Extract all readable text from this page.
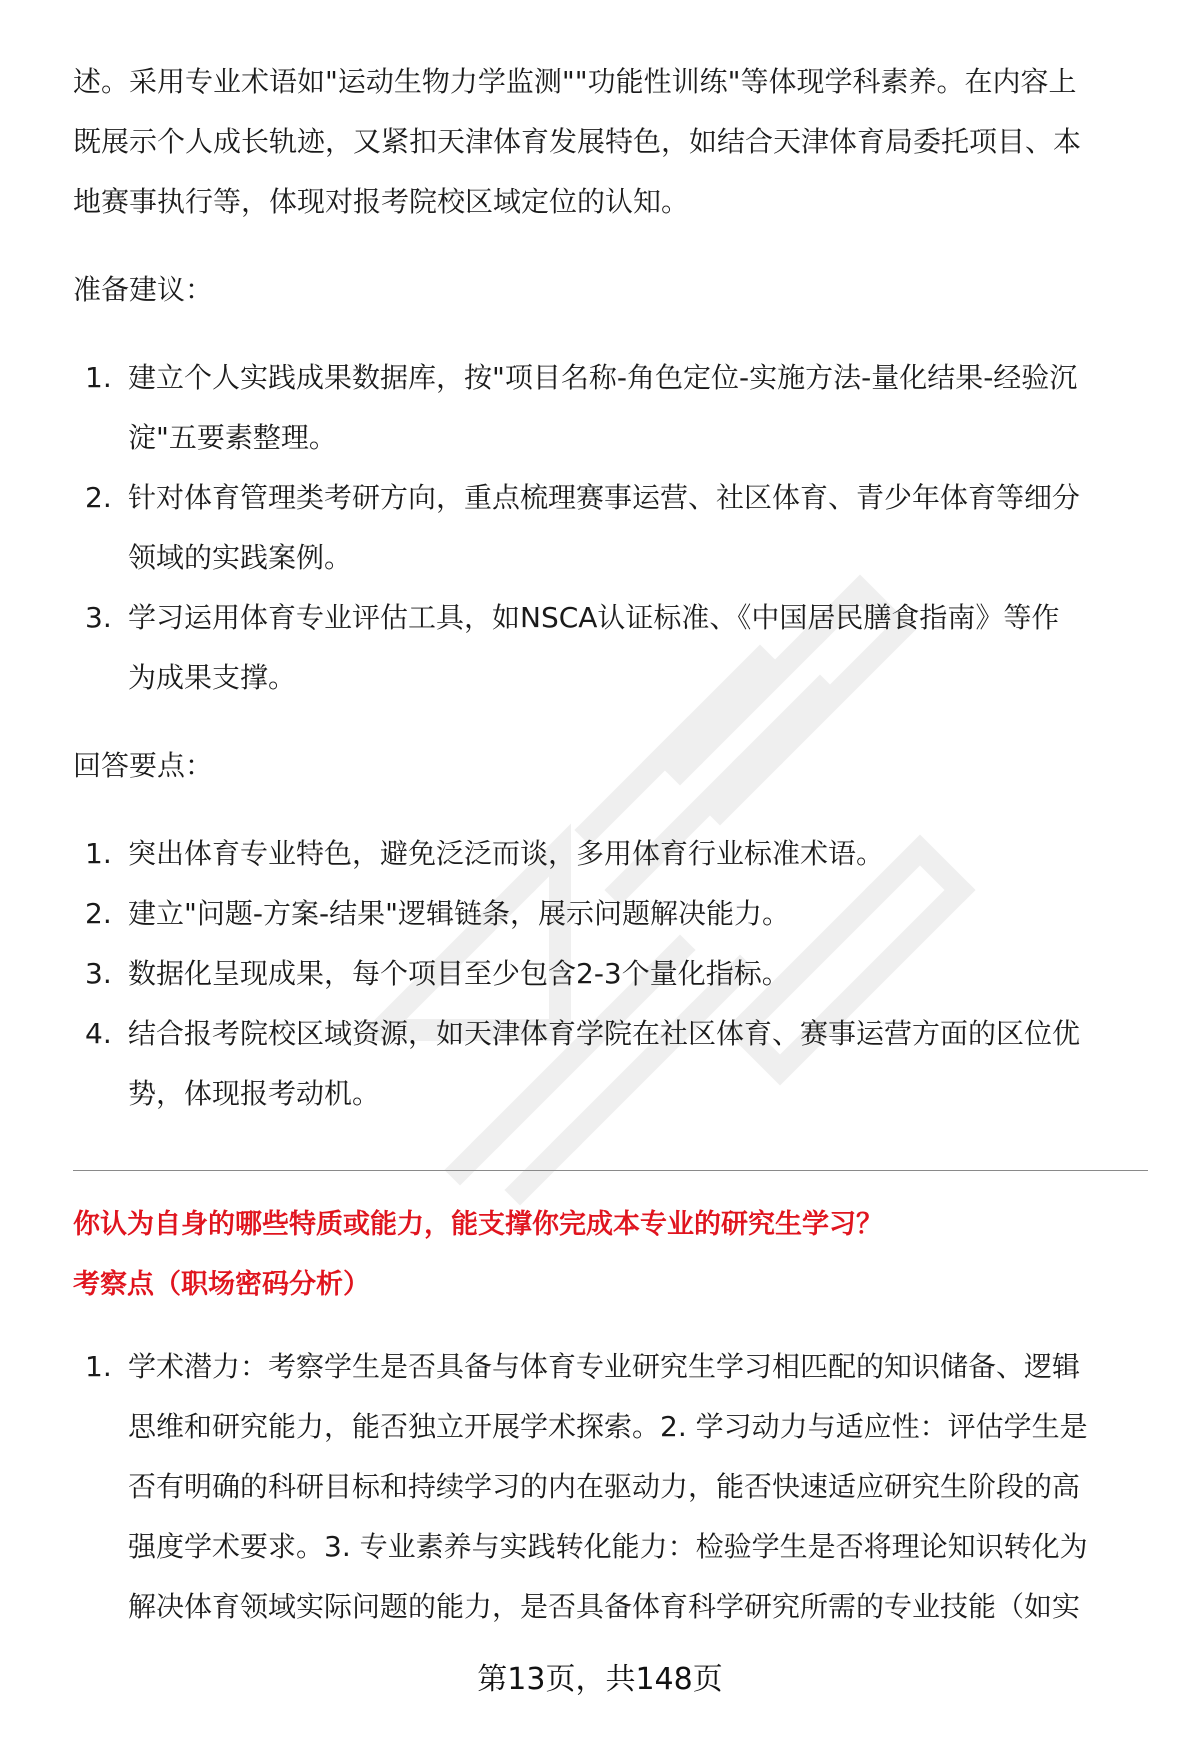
述。采用专业术语如"运动生物力学监测""功能性训练"等体现学科素养。在内容上

既展示个人成长轨迹，又紧扣天津体育发展特色，如结合天津体育局委托项目、本

地赛事执行等，体现对报考院校区域定位的认知。

准备建议：

1. 建立个人实践成果数据库，按"项目名称-角色定位-实施方法-量化结果-经验沉
淀"五要素整理。
2. 针对体育管理类考研方向，重点梳理赛事运营、社区体育、青少年体育等细分
领域的实践案例。
3. 学习运用体育专业评估工具，如NSCA认证标准、《中国居民膳食指南》等作
为成果支撑。

回答要点：

1. 突出体育专业特色，避免泛泛而谈，多用体育行业标准术语。
2. 建立"问题-方案-结果"逻辑链条，展示问题解决能力。
3. 数据化呈现成果，每个项目至少包含2-3个量化指标。
4. 结合报考院校区域资源，如天津体育学院在社区体育、赛事运营方面的区位优
势，体现报考动机。

你认为自身的哪些特质或能力，能支撑你完成本专业的研究生学习？

考察点（职场密码分析）

1. 学术潜力：考察学生是否具备与体育专业研究生学习相匹配的知识储备、逻辑
思维和研究能力，能否独立开展学术探索。2. 学习动力与适应性：评估学生是
否有明确的科研目标和持续学习的内在驱动力，能否快速适应研究生阶段的高
强度学术要求。3. 专业素养与实践转化能力：检验学生是否将理论知识转化为
解决体育领域实际问题的能力，是否具备体育科学研究所需的专业技能（如实
第13页，共148页
